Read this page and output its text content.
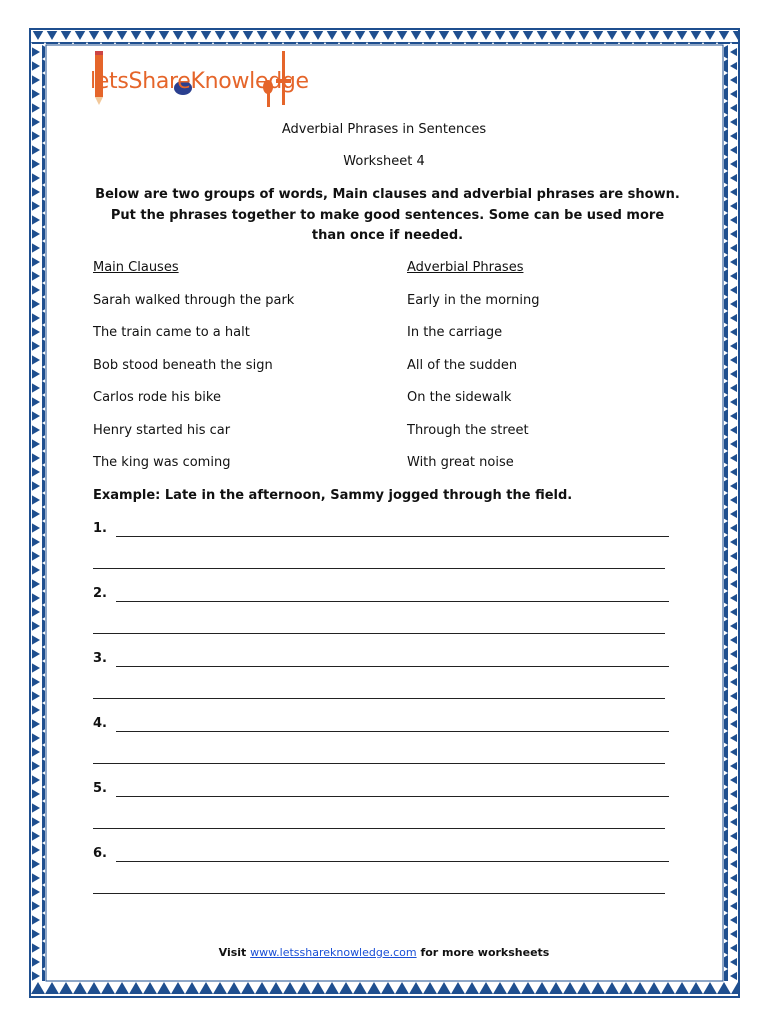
letsShareKnowledge
Adverbial Phrases in Sentences
Worksheet 4
Below are two groups of words, Main clauses and adverbial phrases are shown. Put the phrases together to make good sentences. Some can be used more than once if needed.
Main Clauses	Adverbial Phrases
Sarah walked through the park	Early in the morning
The train came to a halt	In the carriage
Bob stood beneath the sign	All of the sudden
Carlos rode his bike	On the sidewalk
Henry started his car	Through the street
The king was coming	With great noise
Example: Late in the afternoon, Sammy jogged through the field.
1.
2.
3.
4.
5.
6.
Visit www.letsshareknowledge.com for more worksheets
